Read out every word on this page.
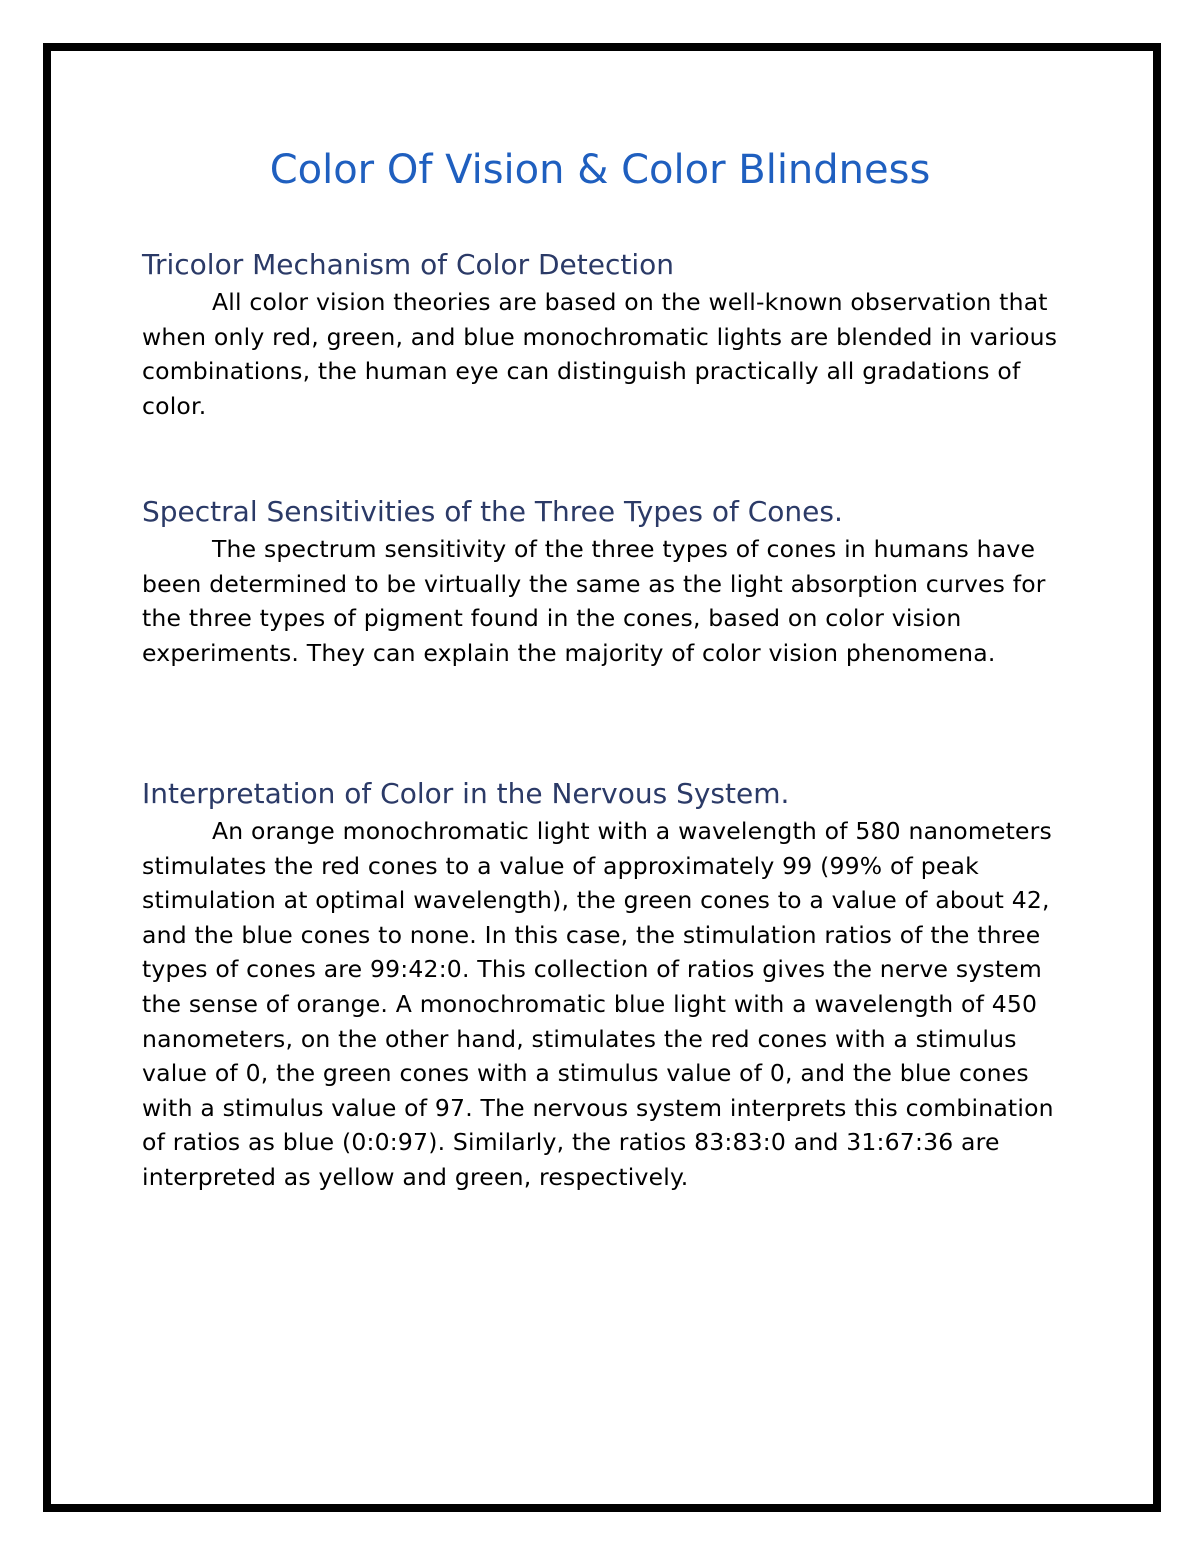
Color Of Vision & Color Blindness
Tricolor Mechanism of Color Detection

All color vision theories are based on the well-known observation that when only red, green, and blue monochromatic lights are blended in various combinations, the human eye can distinguish practically all gradations of color.

Spectral Sensitivities of the Three Types of Cones.

The spectrum sensitivity of the three types of cones in humans have been determined to be virtually the same as the light absorption curves for the three types of pigment found in the cones, based on color vision experiments. They can explain the majority of color vision phenomena.

Interpretation of Color in the Nervous System.

An orange monochromatic light with a wavelength of 580 nanometers stimulates the red cones to a value of approximately 99 (99% of peak stimulation at optimal wavelength), the green cones to a value of about 42, and the blue cones to none. In this case, the stimulation ratios of the three types of cones are 99:42:0. This collection of ratios gives the nerve system the sense of orange. A monochromatic blue light with a wavelength of 450 nanometers, on the other hand, stimulates the red cones with a stimulus value of 0, the green cones with a stimulus value of 0, and the blue cones with a stimulus value of 97. The nervous system interprets this combination of ratios as blue (0:0:97). Similarly, the ratios 83:83:0 and 31:67:36 are interpreted as yellow and green, respectively.
